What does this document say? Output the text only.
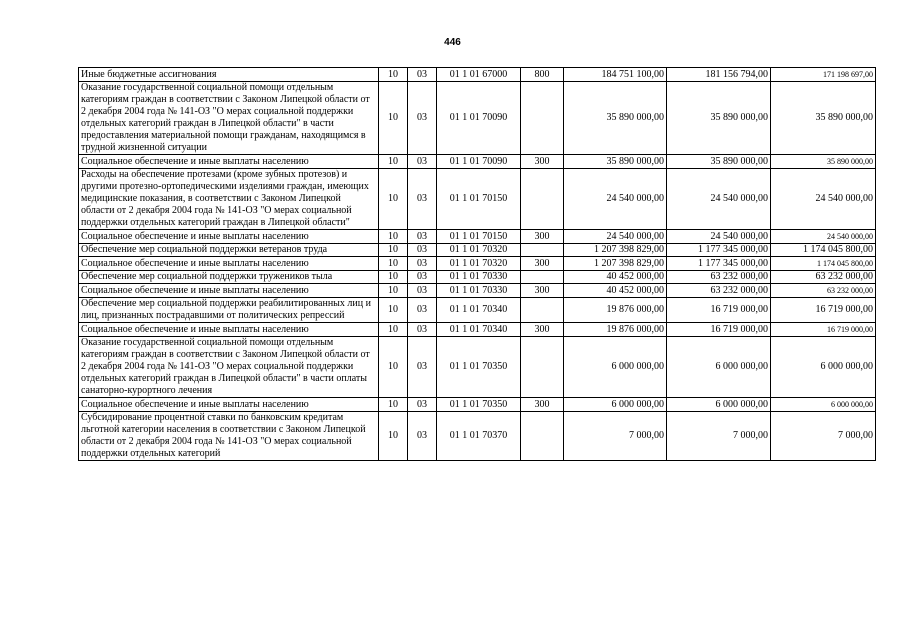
446
Иные бюджетные ассигнования	10	03	01 1 01 67000	800	184 751 100,00	181 156 794,00	171 198 697,00
Оказание государственной социальной помощи отдельным категориям граждан в соответствии с Законом Липецкой области от 2 декабря 2004 года № 141-ОЗ "О мерах социальной поддержки отдельных категорий граждан в Липецкой области" в части предоставления материальной помощи гражданам, находящимся в трудной жизненной ситуации	10	03	01 1 01 70090		35 890 000,00	35 890 000,00	35 890 000,00
Социальное обеспечение и иные выплаты населению	10	03	01 1 01 70090	300	35 890 000,00	35 890 000,00	35 890 000,00
Расходы на обеспечение протезами (кроме зубных протезов) и другими протезно-ортопедическими изделиями граждан, имеющих медицинские показания, в соответствии с Законом Липецкой области от 2 декабря 2004 года № 141-ОЗ "О мерах социальной поддержки отдельных категорий граждан в Липецкой области"	10	03	01 1 01 70150		24 540 000,00	24 540 000,00	24 540 000,00
Социальное обеспечение и иные выплаты населению	10	03	01 1 01 70150	300	24 540 000,00	24 540 000,00	24 540 000,00
Обеспечение мер социальной поддержки ветеранов труда	10	03	01 1 01 70320		1 207 398 829,00	1 177 345 000,00	1 174 045 800,00
Социальное обеспечение и иные выплаты населению	10	03	01 1 01 70320	300	1 207 398 829,00	1 177 345 000,00	1 174 045 800,00
Обеспечение мер социальной поддержки тружеников тыла	10	03	01 1 01 70330		40 452 000,00	63 232 000,00	63 232 000,00
Социальное обеспечение и иные выплаты населению	10	03	01 1 01 70330	300	40 452 000,00	63 232 000,00	63 232 000,00
Обеспечение мер социальной поддержки реабилитированных лиц и лиц, признанных пострадавшими от политических репрессий	10	03	01 1 01 70340		19 876 000,00	16 719 000,00	16 719 000,00
Социальное обеспечение и иные выплаты населению	10	03	01 1 01 70340	300	19 876 000,00	16 719 000,00	16 719 000,00
Оказание государственной социальной помощи отдельным категориям граждан в соответствии с Законом Липецкой области от 2 декабря 2004 года № 141-ОЗ "О мерах социальной поддержки отдельных категорий граждан в Липецкой области" в части оплаты санаторно-курортного лечения	10	03	01 1 01 70350		6 000 000,00	6 000 000,00	6 000 000,00
Социальное обеспечение и иные выплаты населению	10	03	01 1 01 70350	300	6 000 000,00	6 000 000,00	6 000 000,00
Субсидирование процентной ставки по банковским кредитам льготной категории населения в соответствии с Законом Липецкой области от 2 декабря 2004 года № 141-ОЗ "О мерах социальной поддержки отдельных категорий	10	03	01 1 01 70370		7 000,00	7 000,00	7 000,00
